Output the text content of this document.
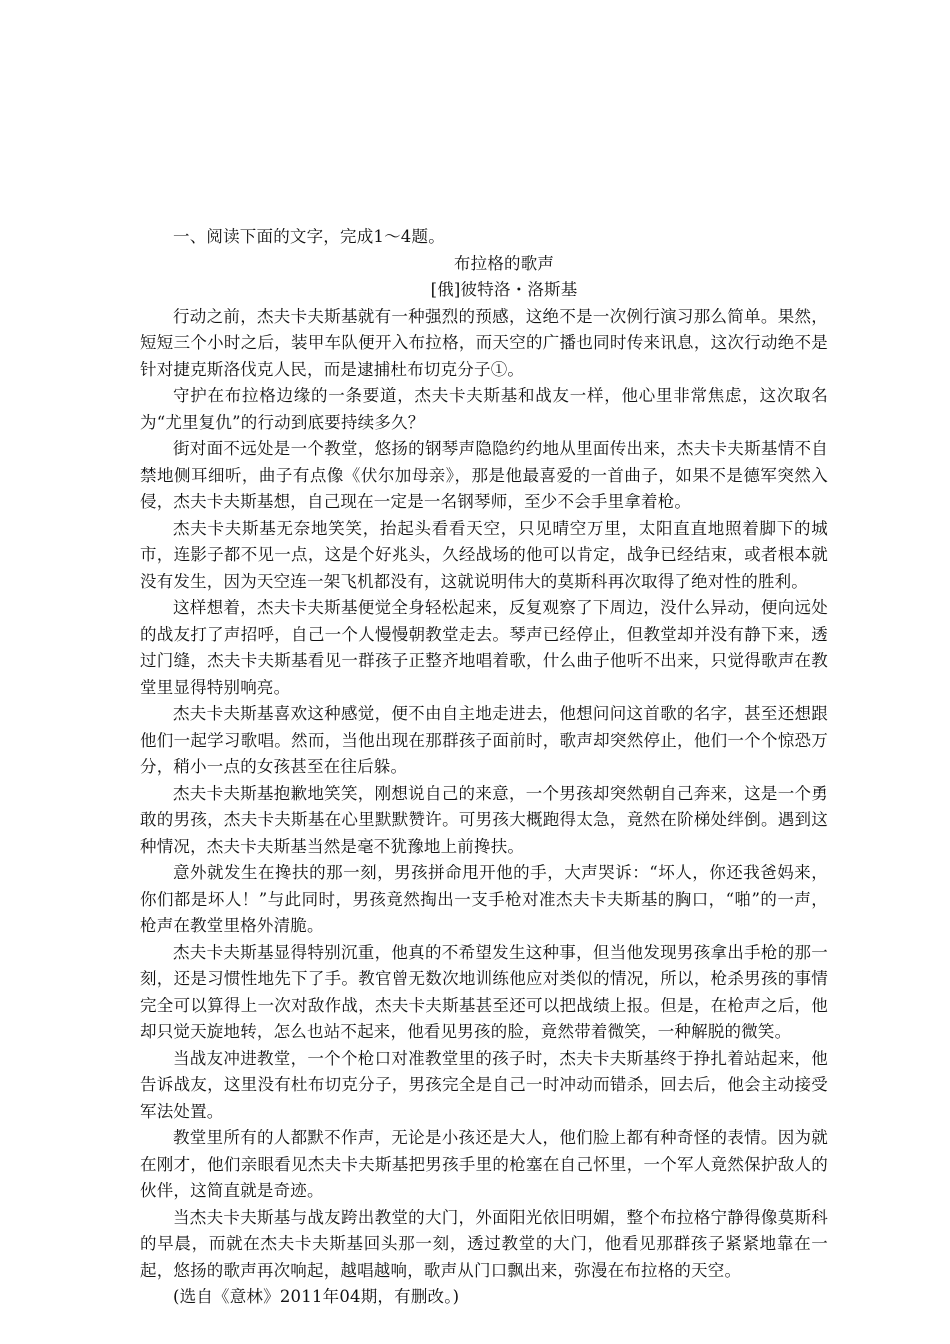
一、阅读下面的文字，完成1～4题。

布拉格的歌声

[俄]彼特洛・洛斯基

行动之前，杰夫卡夫斯基就有一种强烈的预感，这绝不是一次例行演习那么简单。果然，短短三个小时之后，装甲车队便开入布拉格，而天空的广播也同时传来讯息，这次行动绝不是针对捷克斯洛伐克人民，而是逮捕杜布切克分子①。

守护在布拉格边缘的一条要道，杰夫卡夫斯基和战友一样，他心里非常焦虑，这次取名为“尤里复仇”的行动到底要持续多久？

街对面不远处是一个教堂，悠扬的钢琴声隐隐约约地从里面传出来，杰夫卡夫斯基情不自禁地侧耳细听，曲子有点像《伏尔加母亲》，那是他最喜爱的一首曲子，如果不是德军突然入侵，杰夫卡夫斯基想，自己现在一定是一名钢琴师，至少不会手里拿着枪。

杰夫卡夫斯基无奈地笑笑，抬起头看看天空，只见晴空万里，太阳直直地照着脚下的城市，连影子都不见一点，这是个好兆头，久经战场的他可以肯定，战争已经结束，或者根本就没有发生，因为天空连一架飞机都没有，这就说明伟大的莫斯科再次取得了绝对性的胜利。

这样想着，杰夫卡夫斯基便觉全身轻松起来，反复观察了下周边，没什么异动，便向远处的战友打了声招呼，自己一个人慢慢朝教堂走去。琴声已经停止，但教堂却并没有静下来，透过门缝，杰夫卡夫斯基看见一群孩子正整齐地唱着歌，什么曲子他听不出来，只觉得歌声在教堂里显得特别响亮。

杰夫卡夫斯基喜欢这种感觉，便不由自主地走进去，他想问问这首歌的名字，甚至还想跟他们一起学习歌唱。然而，当他出现在那群孩子面前时，歌声却突然停止，他们一个个惊恐万分，稍小一点的女孩甚至在往后躲。

杰夫卡夫斯基抱歉地笑笑，刚想说自己的来意，一个男孩却突然朝自己奔来，这是一个勇敢的男孩，杰夫卡夫斯基在心里默默赞许。可男孩大概跑得太急，竟然在阶梯处绊倒。遇到这种情况，杰夫卡夫斯基当然是毫不犹豫地上前搀扶。

意外就发生在搀扶的那一刻，男孩拼命甩开他的手，大声哭诉：“坏人，你还我爸妈来，你们都是坏人！”与此同时，男孩竟然掏出一支手枪对准杰夫卡夫斯基的胸口，“啪”的一声，枪声在教堂里格外清脆。

杰夫卡夫斯基显得特别沉重，他真的不希望发生这种事，但当他发现男孩拿出手枪的那一刻，还是习惯性地先下了手。教官曾无数次地训练他应对类似的情况，所以，枪杀男孩的事情完全可以算得上一次对敌作战，杰夫卡夫斯基甚至还可以把战绩上报。但是，在枪声之后，他却只觉天旋地转，怎么也站不起来，他看见男孩的脸，竟然带着微笑，一种解脱的微笑。

当战友冲进教堂，一个个枪口对准教堂里的孩子时，杰夫卡夫斯基终于挣扎着站起来，他告诉战友，这里没有杜布切克分子，男孩完全是自己一时冲动而错杀，回去后，他会主动接受军法处置。

教堂里所有的人都默不作声，无论是小孩还是大人，他们脸上都有种奇怪的表情。因为就在刚才，他们亲眼看见杰夫卡夫斯基把男孩手里的枪塞在自己怀里，一个军人竟然保护敌人的伙伴，这简直就是奇迹。

当杰夫卡夫斯基与战友跨出教堂的大门，外面阳光依旧明媚，整个布拉格宁静得像莫斯科的早晨，而就在杰夫卡夫斯基回头那一刻，透过教堂的大门，他看见那群孩子紧紧地靠在一起，悠扬的歌声再次响起，越唱越响，歌声从门口飘出来，弥漫在布拉格的天空。

(选自《意林》2011年04期，有删改。)
